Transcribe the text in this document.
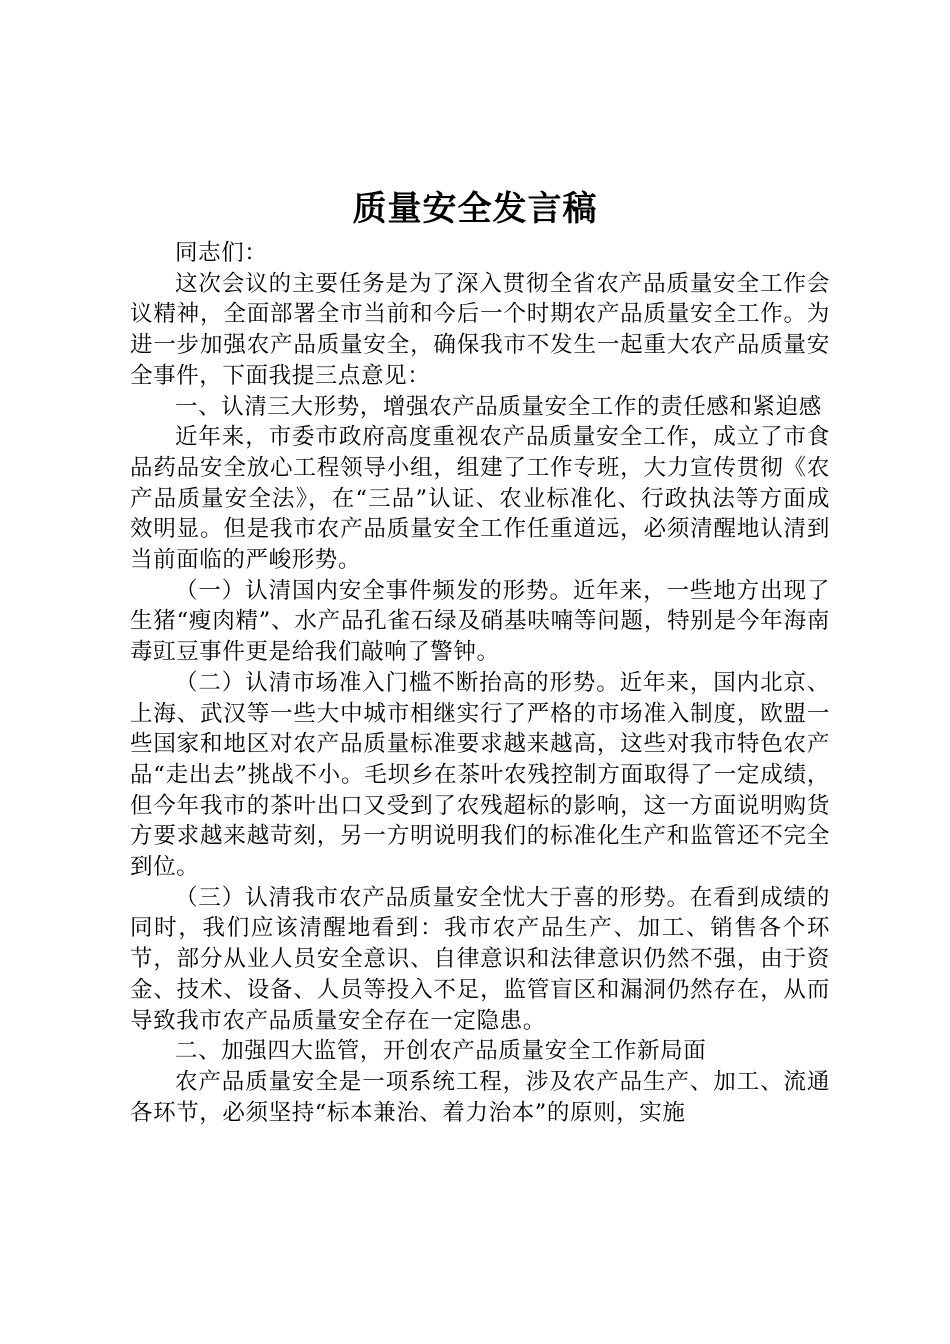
质量安全发言稿

同志们：

这次会议的主要任务是为了深入贯彻全省农产品质量安全工作会议精神，全面部署全市当前和今后一个时期农产品质量安全工作。为进一步加强农产品质量安全，确保我市不发生一起重大农产品质量安全事件，下面我提三点意见：

一、认清三大形势，增强农产品质量安全工作的责任感和紧迫感

近年来，市委市政府高度重视农产品质量安全工作，成立了市食品药品安全放心工程领导小组，组建了工作专班，大力宣传贯彻《农产品质量安全法》，在“三品”认证、农业标准化、行政执法等方面成效明显。但是我市农产品质量安全工作任重道远，必须清醒地认清到当前面临的严峻形势。

（一）认清国内安全事件频发的形势。近年来，一些地方出现了生猪“瘦肉精”、水产品孔雀石绿及硝基呋喃等问题，特别是今年海南毒豇豆事件更是给我们敲响了警钟。

（二）认清市场准入门槛不断抬高的形势。近年来，国内北京、上海、武汉等一些大中城市相继实行了严格的市场准入制度，欧盟一些国家和地区对农产品质量标准要求越来越高，这些对我市特色农产品“走出去”挑战不小。毛坝乡在茶叶农残控制方面取得了一定成绩，但今年我市的茶叶出口又受到了农残超标的影响，这一方面说明购货方要求越来越苛刻，另一方明说明我们的标准化生产和监管还不完全到位。

（三）认清我市农产品质量安全忧大于喜的形势。在看到成绩的同时，我们应该清醒地看到：我市农产品生产、加工、销售各个环节，部分从业人员安全意识、自律意识和法律意识仍然不强，由于资金、技术、设备、人员等投入不足，监管盲区和漏洞仍然存在，从而导致我市农产品质量安全存在一定隐患。

二、加强四大监管，开创农产品质量安全工作新局面

农产品质量安全是一项系统工程，涉及农产品生产、加工、流通各环节，必须坚持“标本兼治、着力治本”的原则，实施
